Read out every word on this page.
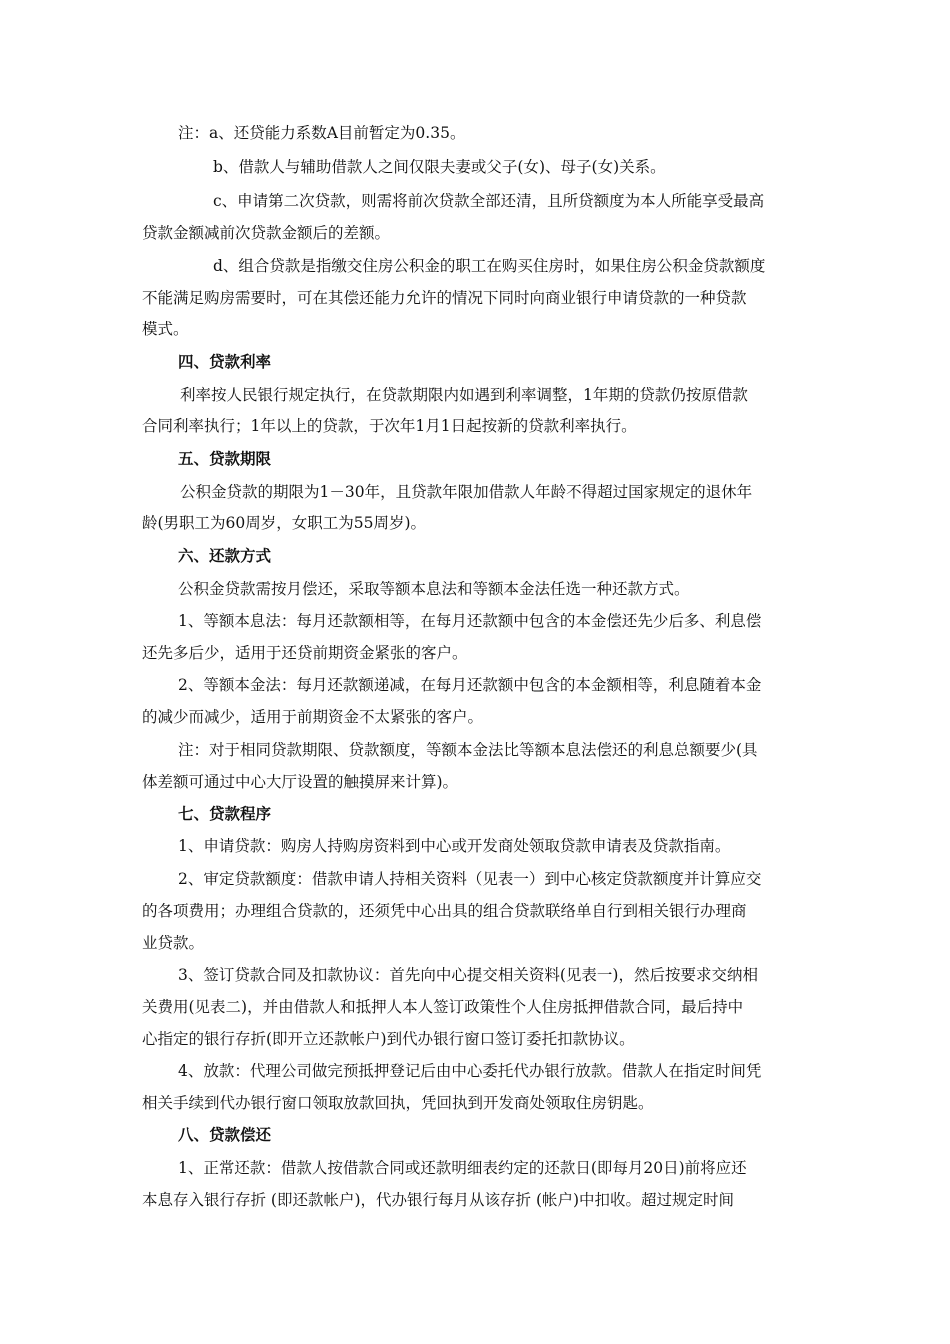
注：a、还贷能力系数A目前暂定为0.35。
b、借款人与辅助借款人之间仅限夫妻或父子(女)、母子(女)关系。
c、申请第二次贷款，则需将前次贷款全部还清，且所贷额度为本人所能享受最高
贷款金额减前次贷款金额后的差额。
d、组合贷款是指缴交住房公积金的职工在购买住房时，如果住房公积金贷款额度
不能满足购房需要时，可在其偿还能力允许的情况下同时向商业银行申请贷款的一种贷款
模式。
四、贷款利率
利率按人民银行规定执行，在贷款期限内如遇到利率调整，1年期的贷款仍按原借款
合同利率执行；1年以上的贷款，于次年1月1日起按新的贷款利率执行。
五、贷款期限
公积金贷款的期限为1－30年，且贷款年限加借款人年龄不得超过国家规定的退休年
龄(男职工为60周岁，女职工为55周岁)。
六、还款方式
公积金贷款需按月偿还，采取等额本息法和等额本金法任选一种还款方式。
1、等额本息法：每月还款额相等，在每月还款额中包含的本金偿还先少后多、利息偿
还先多后少，适用于还贷前期资金紧张的客户。
2、等额本金法：每月还款额递减，在每月还款额中包含的本金额相等，利息随着本金
的减少而减少，适用于前期资金不太紧张的客户。
注：对于相同贷款期限、贷款额度，等额本金法比等额本息法偿还的利息总额要少(具
体差额可通过中心大厅设置的触摸屏来计算)。
七、贷款程序
1、申请贷款：购房人持购房资料到中心或开发商处领取贷款申请表及贷款指南。
2、审定贷款额度：借款申请人持相关资料（见表一）到中心核定贷款额度并计算应交
的各项费用；办理组合贷款的，还须凭中心出具的组合贷款联络单自行到相关银行办理商
业贷款。
3、签订贷款合同及扣款协议：首先向中心提交相关资料(见表一)，然后按要求交纳相
关费用(见表二)，并由借款人和抵押人本人签订政策性个人住房抵押借款合同，最后持中
心指定的银行存折(即开立还款帐户)到代办银行窗口签订委托扣款协议。
4、放款：代理公司做完预抵押登记后由中心委托代办银行放款。借款人在指定时间凭
相关手续到代办银行窗口领取放款回执，凭回执到开发商处领取住房钥匙。
八、贷款偿还
1、正常还款：借款人按借款合同或还款明细表约定的还款日(即每月20日)前将应还
本息存入银行存折 (即还款帐户)，代办银行每月从该存折 (帐户)中扣收。超过规定时间
